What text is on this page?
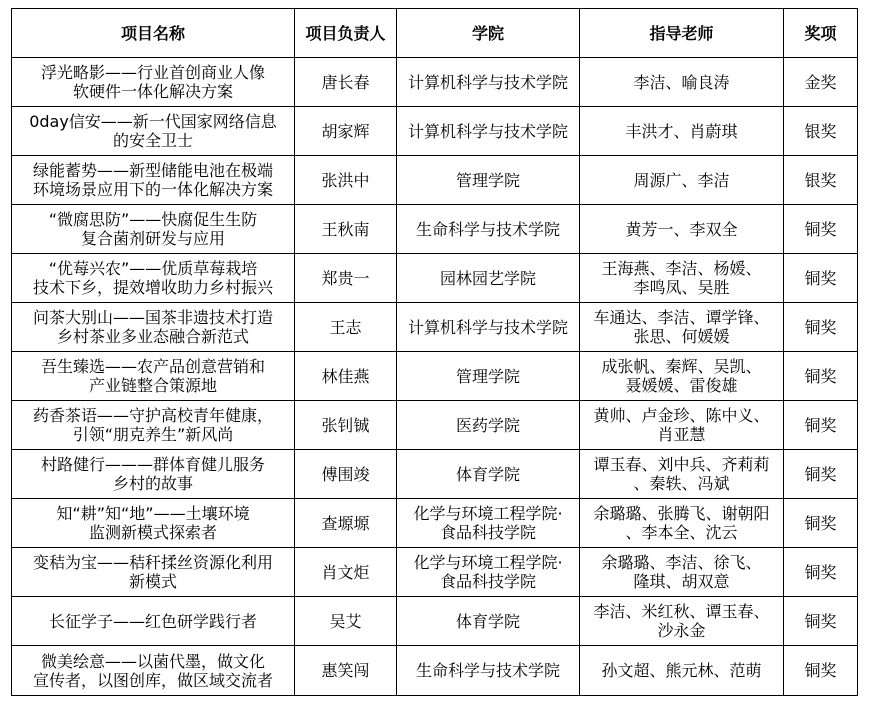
项目名称	项目负责人	学院	指导老师	奖项

浮光略影——行业首创商业人像
软硬件一体化解决方案	唐长春	计算机科学与技术学院	李洁、喻良涛	金奖

0day信安——新一代国家网络信息
的安全卫士	胡家辉	计算机科学与技术学院	丰洪才、肖蔚琪	银奖

绿能蓄势——新型储能电池在极端
环境场景应用下的一体化解决方案	张洪中	管理学院	周源广、李洁	银奖

“微腐思防”——快腐促生生防
复合菌剂研发与应用	王秋南	生命科学与技术学院	黄芳一、李双全	铜奖

“优莓兴农”——优质草莓栽培
技术下乡，提效增收助力乡村振兴	郑贵一	园林园艺学院	王海燕、李洁、杨媛、
李鸣凤、吴胜	铜奖

问茶大别山——国茶非遗技术打造
乡村茶业多业态融合新范式	王志	计算机科学与技术学院	车通达、李洁、谭学锋、
张思、何媛媛	铜奖

吾生臻选——农产品创意营销和
产业链整合策源地	林佳燕	管理学院	成张帆、秦辉、吴凯、
聂媛媛、雷俊雄	铜奖

药香茶语——守护高校青年健康，
引领“朋克养生”新风尚	张钊铖	医药学院	黄帅、卢金珍、陈中义、
肖亚慧	铜奖

村路健行———群体育健儿服务
乡村的故事	傅围竣	体育学院	谭玉春、刘中兵、齐莉莉
、秦轶、冯斌	铜奖

知“耕”知“地”——土壤环境
监测新模式探索者	查塬塬	化学与环境工程学院·
食品科技学院	余璐璐、张腾飞、谢朝阳
、李本全、沈云	铜奖

变秸为宝——秸秆揉丝资源化利用
新模式	肖文炬	化学与环境工程学院·
食品科技学院	余璐璐、李洁、徐飞、
隆琪、胡双意	铜奖

长征学子——红色研学践行者	吴艾	体育学院	李洁、米红秋、谭玉春、
沙永金	铜奖

微美绘意——以菌代墨，做文化
宣传者，以图创库，做区域交流者	惠笑闯	生命科学与技术学院	孙文超、熊元林、范萌	铜奖
